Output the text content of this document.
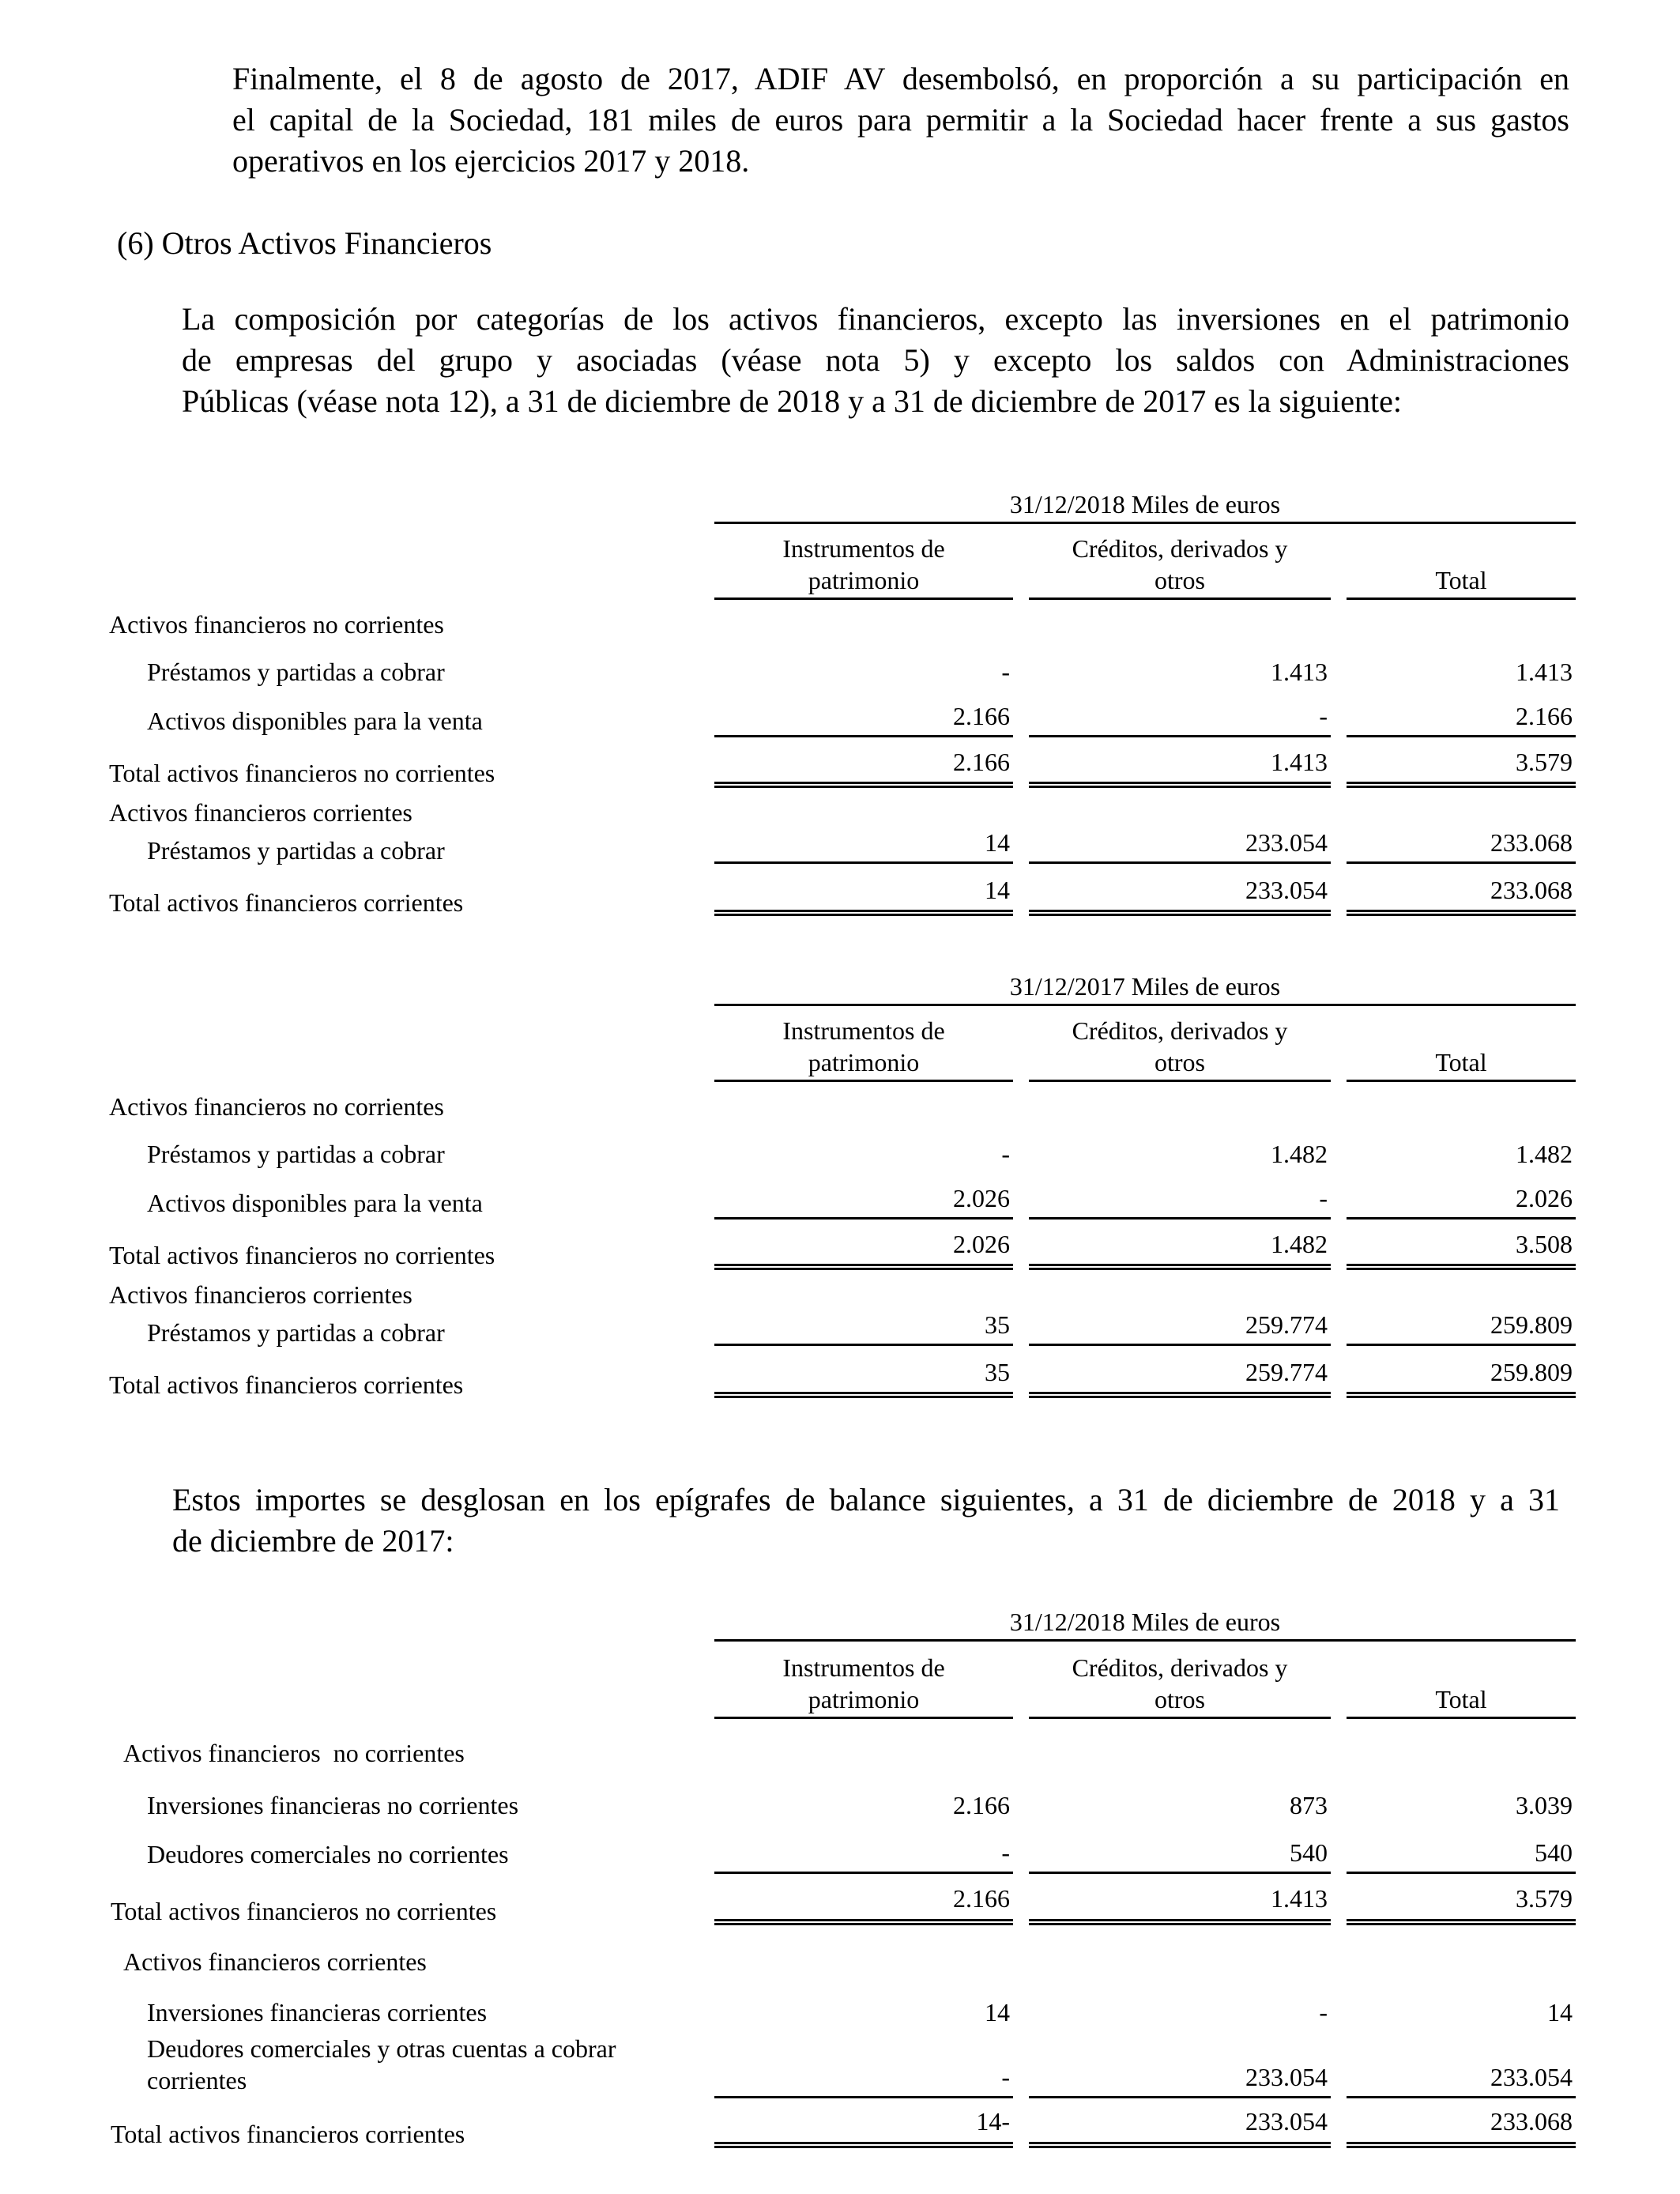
Finalmente, el 8 de agosto de 2017, ADIF AV desembolsó, en proporción a su participación en
el capital de la Sociedad, 181 miles de euros para permitir a la Sociedad hacer frente a sus gastos
operativos en los ejercicios 2017 y 2018.
(6) Otros Activos Financieros
La composición por categorías de los activos financieros, excepto las inversiones en el patrimonio
de empresas del grupo y asociadas (véase nota 5) y excepto los saldos con Administraciones
Públicas (véase nota 12), a 31 de diciembre de 2018 y a 31 de diciembre de 2017 es la siguiente:
31/12/2018 Miles de euros
Instrumentos de
patrimonio
Créditos, derivados y
otros	Total
Activos financieros no corrientes
Préstamos y partidas a cobrar	-	1.413	1.413
Activos disponibles para la venta	2.166	-	2.166
Total activos financieros no corrientes	2.166	1.413	3.579
Activos financieros corrientes
Préstamos y partidas a cobrar	14	233.054	233.068
Total activos financieros corrientes	14	233.054	233.068
31/12/2017 Miles de euros
Instrumentos de
patrimonio
Créditos, derivados y
otros	Total
Activos financieros no corrientes
Préstamos y partidas a cobrar	-	1.482	1.482
Activos disponibles para la venta	2.026	-	2.026
Total activos financieros no corrientes	2.026	1.482	3.508
Activos financieros corrientes
Préstamos y partidas a cobrar	35	259.774	259.809
Total activos financieros corrientes	35	259.774	259.809
Estos importes se desglosan en los epígrafes de balance siguientes, a 31 de diciembre de 2018 y a 31
de diciembre de 2017:
31/12/2018 Miles de euros
Instrumentos de
patrimonio
Créditos, derivados y
otros	Total
Activos financieros  no corrientes
Inversiones financieras no corrientes	2.166	873	3.039
Deudores comerciales no corrientes	-	540	540
Total activos financieros no corrientes	2.166	1.413	3.579
Activos financieros corrientes
Inversiones financieras corrientes	14	-	14
Deudores comerciales y otras cuentas a cobrar
corrientes	-	233.054	233.054
Total activos financieros corrientes	14-	233.054	233.068
